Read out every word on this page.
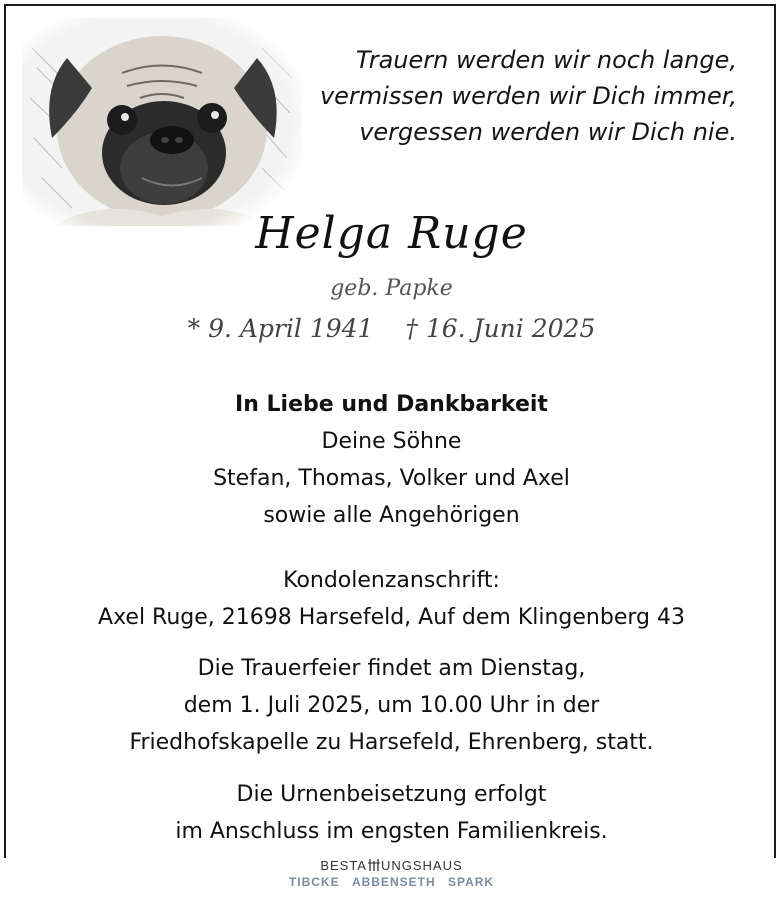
Trauern werden wir noch lange,
vermissen werden wir Dich immer,
vergessen werden wir Dich nie.
Helga Ruge
geb. Papke
* 9. April 1941 † 16. Juni 2025
In Liebe und Dankbarkeit
Deine Söhne
Stefan, Thomas, Volker und Axel
sowie alle Angehörigen
Kondolenzanschrift:
Axel Ruge, 21698 Harsefeld, Auf dem Klingenberg 43
Die Trauerfeier findet am Dienstag,
dem 1. Juli 2025, um 10.00 Uhr in der
Friedhofskapelle zu Harsefeld, Ehrenberg, statt.
Die Urnenbeisetzung erfolgt
im Anschluss im engsten Familienkreis.
BESTA UNGSHAUS
TIBCKE ABBENSETH SPARK
